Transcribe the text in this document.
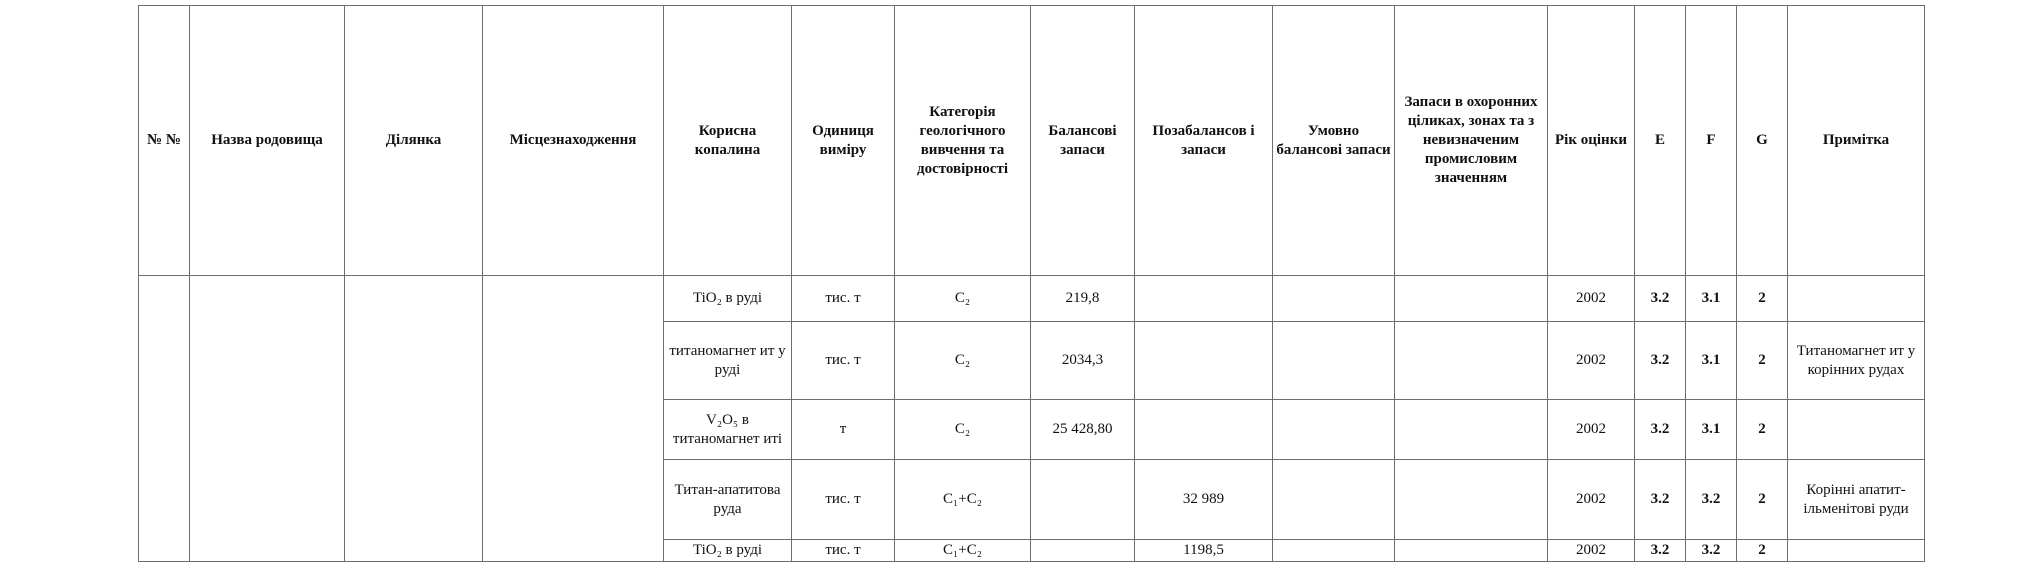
№ №	Назва родовища	Ділянка	Місцезнаходження	Корисна копалина	Одиниця виміру	Категорія геологічного вивчення та достовірності	Балансові запаси	Позабалансов і запаси	Умовно балансові запаси	Запаси в охоронних цiликах, зонах та з невизначеним промисловим значенням	Рік оцінки	E	F	G	Примітка
				TiO₂ в руді	тис. т	C₂	219,8				2002	3.2	3.1	2	
				титаномагнет ит у руді	тис. т	C₂	2034,3				2002	3.2	3.1	2	Титаномагнет ит у корінних рудах
				V₂O₅ в титаномагнет иті	т	C₂	25 428,80				2002	3.2	3.1	2	
				Титан-апатитова руда	тис. т	C₁+C₂		32 989			2002	3.2	3.2	2	Корінні апатит-ільменітові руди
				TiO₂ в руді	тис. т	C₁+C₂		1198,5			2002	3.2	3.2	2	
